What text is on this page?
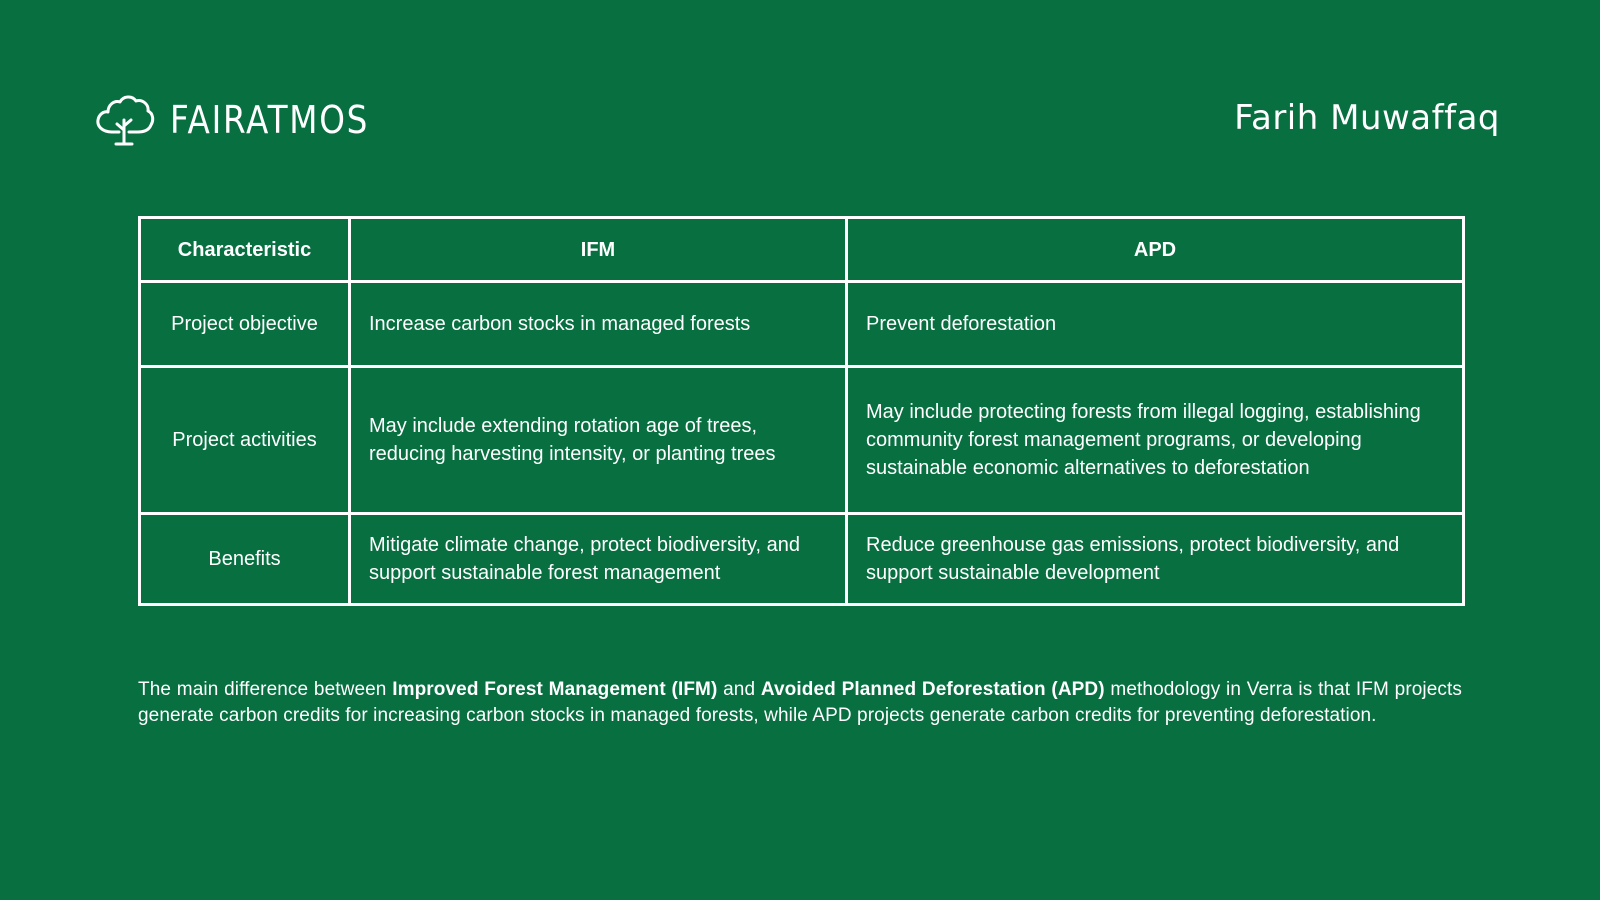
FAIRATMOS	Farih Muwaffaq
Characteristic	IFM	APD
Project objective	Increase carbon stocks in managed forests	Prevent deforestation
Project activities	May include extending rotation age of trees, reducing harvesting intensity, or planting trees	May include protecting forests from illegal logging, establishing community forest management programs, or developing sustainable economic alternatives to deforestation
Benefits	Mitigate climate change, protect biodiversity, and support sustainable forest management	Reduce greenhouse gas emissions, protect biodiversity, and support sustainable development

The main difference between Improved Forest Management (IFM) and Avoided Planned Deforestation (APD) methodology in Verra is that IFM projects generate carbon credits for increasing carbon stocks in managed forests, while APD projects generate carbon credits for preventing deforestation.
